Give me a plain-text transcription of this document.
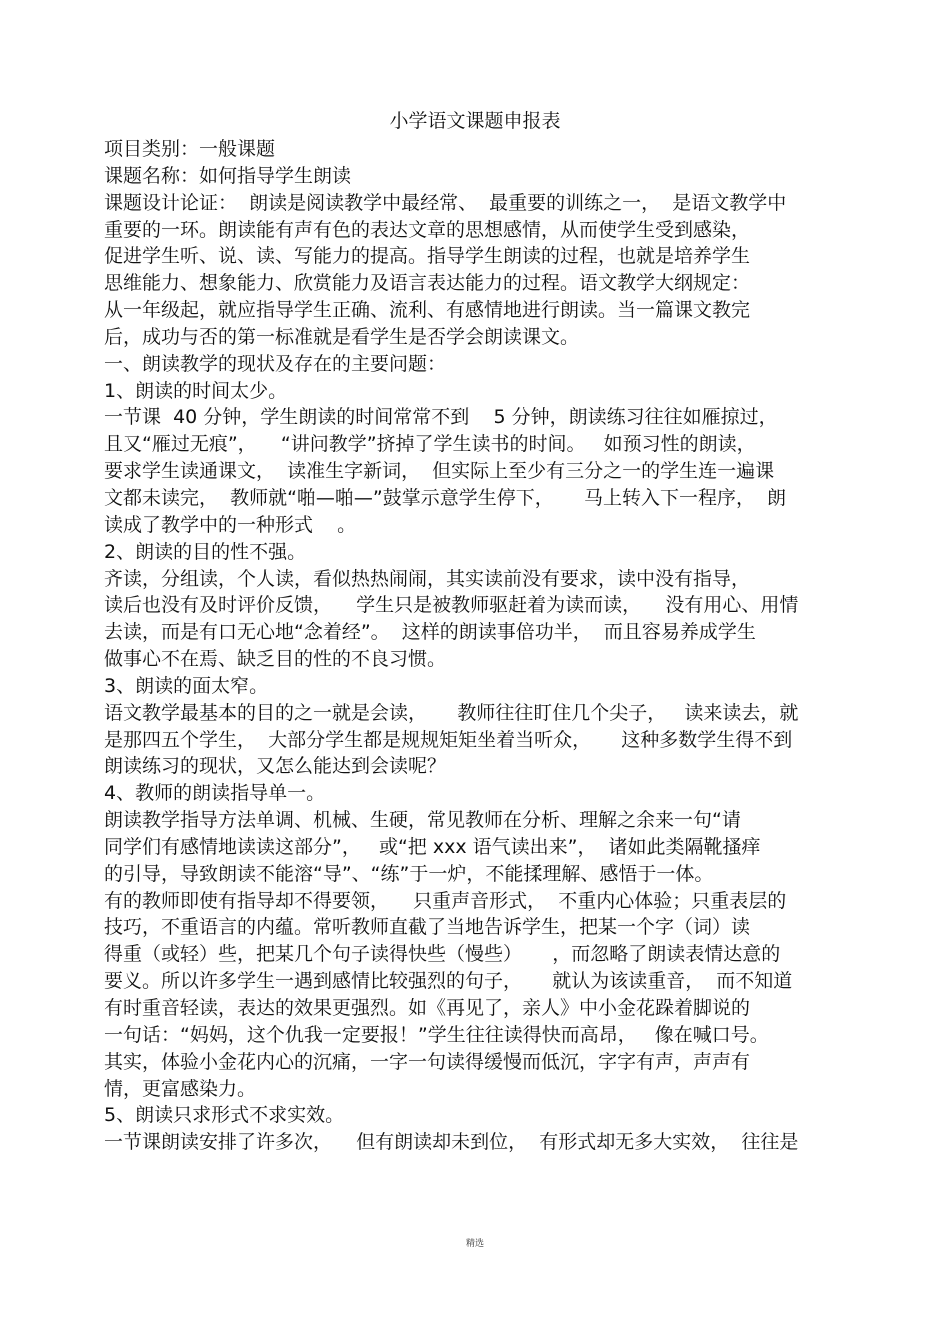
小学语文课题申报表
项目类别：一般课题
课题名称：如何指导学生朗读
课题设计论证：  朗读是阅读教学中最经常、  最重要的训练之一，  是语文教学中
重要的一环。朗读能有声有色的表达文章的思想感情，从而使学生受到感染，
促进学生听、说、读、写能力的提高。指导学生朗读的过程，也就是培养学生
思维能力、想象能力、欣赏能力及语言表达能力的过程。语文教学大纲规定：
从一年级起，就应指导学生正确、流利、有感情地进行朗读。当一篇课文教完
后，成功与否的第一标准就是看学生是否学会朗读课文。
一、朗读教学的现状及存在的主要问题：
1、朗读的时间太少。
一节课  40 分钟，学生朗读的时间常常不到    5 分钟，朗读练习往往如雁掠过，
且又“雁过无痕”，    “讲问教学”挤掉了学生读书的时间。   如预习性的朗读，
要求学生读通课文，  读准生字新词，  但实际上至少有三分之一的学生连一遍课
文都未读完，  教师就“啪—啪—”鼓掌示意学生停下，     马上转入下一程序，  朗
读成了教学中的一种形式    。
2、朗读的目的性不强。
齐读，分组读，个人读，看似热热闹闹，其实读前没有要求，读中没有指导，
读后也没有及时评价反馈，    学生只是被教师驱赶着为读而读，    没有用心、用情
去读，而是有口无心地“念着经”。  这样的朗读事倍功半，  而且容易养成学生
做事心不在焉、缺乏目的性的不良习惯。
3、朗读的面太窄。
语文教学最基本的目的之一就是会读，     教师往往盯住几个尖子，   读来读去，就
是那四五个学生，  大部分学生都是规规矩矩坐着当听众，     这种多数学生得不到
朗读练习的现状，又怎么能达到会读呢？
4、教师的朗读指导单一。
朗读教学指导方法单调、机械、生硬，常见教师在分析、理解之余来一句“请
同学们有感情地读读这部分”，   或“把 xxx 语气读出来”，  诸如此类隔靴搔痒
的引导，导致朗读不能溶“导”、“练”于一炉，不能揉理解、感悟于一体。
有的教师即使有指导却不得要领，    只重声音形式，  不重内心体验；只重表层的
技巧，不重语言的内蕴。常听教师直截了当地告诉学生，把某一个字（词）读
得重（或轻）些，把某几个句子读得快些（慢些）     ，而忽略了朗读表情达意的
要义。所以许多学生一遇到感情比较强烈的句子，     就认为该读重音，  而不知道
有时重音轻读，表达的效果更强烈。如《再见了，亲人》中小金花跺着脚说的
一句话：“妈妈，这个仇我一定要报！”学生往往读得快而高昂，   像在喊口号。
其实，体验小金花内心的沉痛，一字一句读得缓慢而低沉，字字有声，声声有
情，更富感染力。
5、朗读只求形式不求实效。
一节课朗读安排了许多次，    但有朗读却未到位，  有形式却无多大实效，  往往是
精选
